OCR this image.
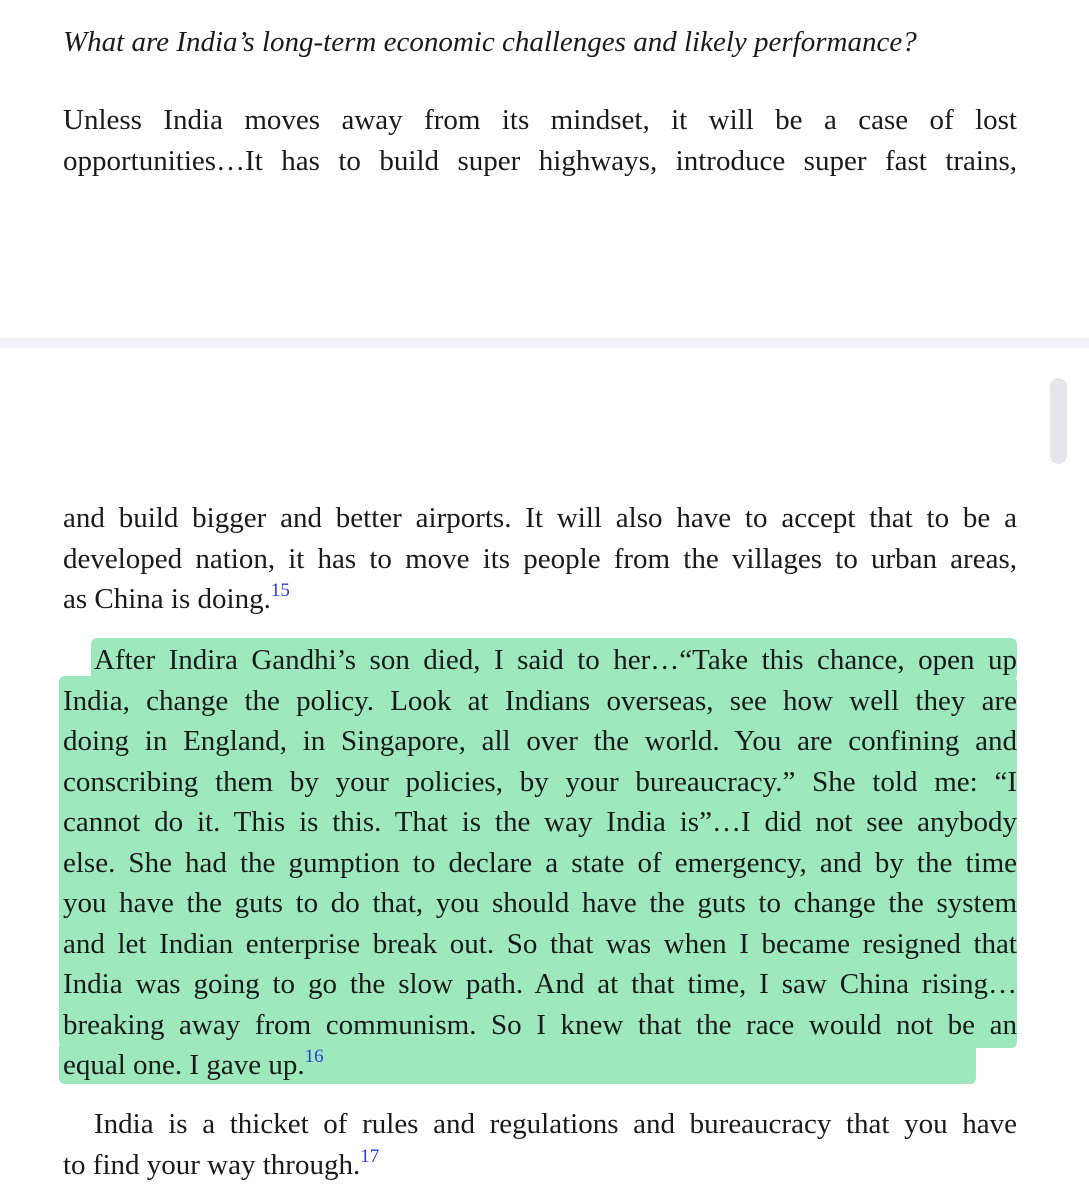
What are India’s long-term economic challenges and likely performance?

Unless India moves away from its mindset, it will be a case of lost
opportunities…It has to build super highways, introduce super fast trains,
and build bigger and better airports. It will also have to accept that to be a
developed nation, it has to move its people from the villages to urban areas,
as China is doing.$^{15}$
After Indira Gandhi’s son died, I said to her…“Take this chance, open up
India, change the policy. Look at Indians overseas, see how well they are
doing in England, in Singapore, all over the world. You are confining and
conscribing them by your policies, by your bureaucracy.” She told me: “I
cannot do it. This is this. That is the way India is”…I did not see anybody
else. She had the gumption to declare a state of emergency, and by the time
you have the guts to do that, you should have the guts to change the system
and let Indian enterprise break out. So that was when I became resigned that
India was going to go the slow path. And at that time, I saw China rising…
breaking away from communism. So I knew that the race would not be an
equal one. I gave up.$^{16}$
India is a thicket of rules and regulations and bureaucracy that you have
to find your way through.$^{17}$
